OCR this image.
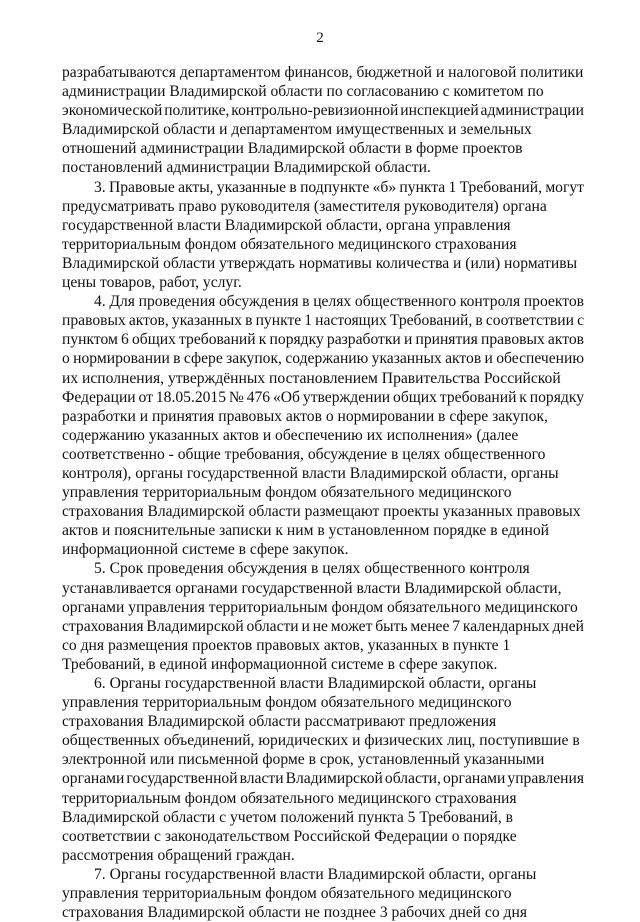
2
разрабатываются департаментом финансов, бюджетной и налоговой политики
администрации Владимирской области по согласованию с комитетом по
экономической политике, контрольно-ревизионной инспекцией администрации
Владимирской области и департаментом имущественных и земельных
отношений администрации Владимирской области в форме проектов
постановлений администрации Владимирской области.
3. Правовые акты, указанные в подпункте «б» пункта 1 Требований, могут
предусматривать право руководителя (заместителя руководителя) органа
государственной власти Владимирской области, органа управления
территориальным фондом обязательного медицинского страхования
Владимирской области утверждать нормативы количества и (или) нормативы
цены товаров, работ, услуг.
4. Для проведения обсуждения в целях общественного контроля проектов
правовых актов, указанных в пункте 1 настоящих Требований, в соответствии с
пунктом 6 общих требований к порядку разработки и принятия правовых актов
о нормировании в сфере закупок, содержанию указанных актов и обеспечению
их исполнения, утверждённых постановлением Правительства Российской
Федерации от 18.05.2015 № 476 «Об утверждении общих требований к порядку
разработки и принятия правовых актов о нормировании в сфере закупок,
содержанию указанных актов и обеспечению их исполнения» (далее
соответственно - общие требования, обсуждение в целях общественного
контроля), органы государственной власти Владимирской области, органы
управления территориальным фондом обязательного медицинского
страхования Владимирской области размещают проекты указанных правовых
актов и пояснительные записки к ним в установленном порядке в единой
информационной системе в сфере закупок.
5. Срок проведения обсуждения в целях общественного контроля
устанавливается органами государственной власти Владимирской области,
органами управления территориальным фондом обязательного медицинского
страхования Владимирской области и не может быть менее 7 календарных дней
со дня размещения проектов правовых актов, указанных в пункте 1
Требований, в единой информационной системе в сфере закупок.
6. Органы государственной власти Владимирской области, органы
управления территориальным фондом обязательного медицинского
страхования Владимирской области рассматривают предложения
общественных объединений, юридических и физических лиц, поступившие в
электронной или письменной форме в срок, установленный указанными
органами государственной власти Владимирской области, органами управления
территориальным фондом обязательного медицинского страхования
Владимирской области с учетом положений пункта 5 Требований, в
соответствии с законодательством Российской Федерации о порядке
рассмотрения обращений граждан.
7. Органы государственной власти Владимирской области, органы
управления территориальным фондом обязательного медицинского
страхования Владимирской области не позднее 3 рабочих дней со дня
